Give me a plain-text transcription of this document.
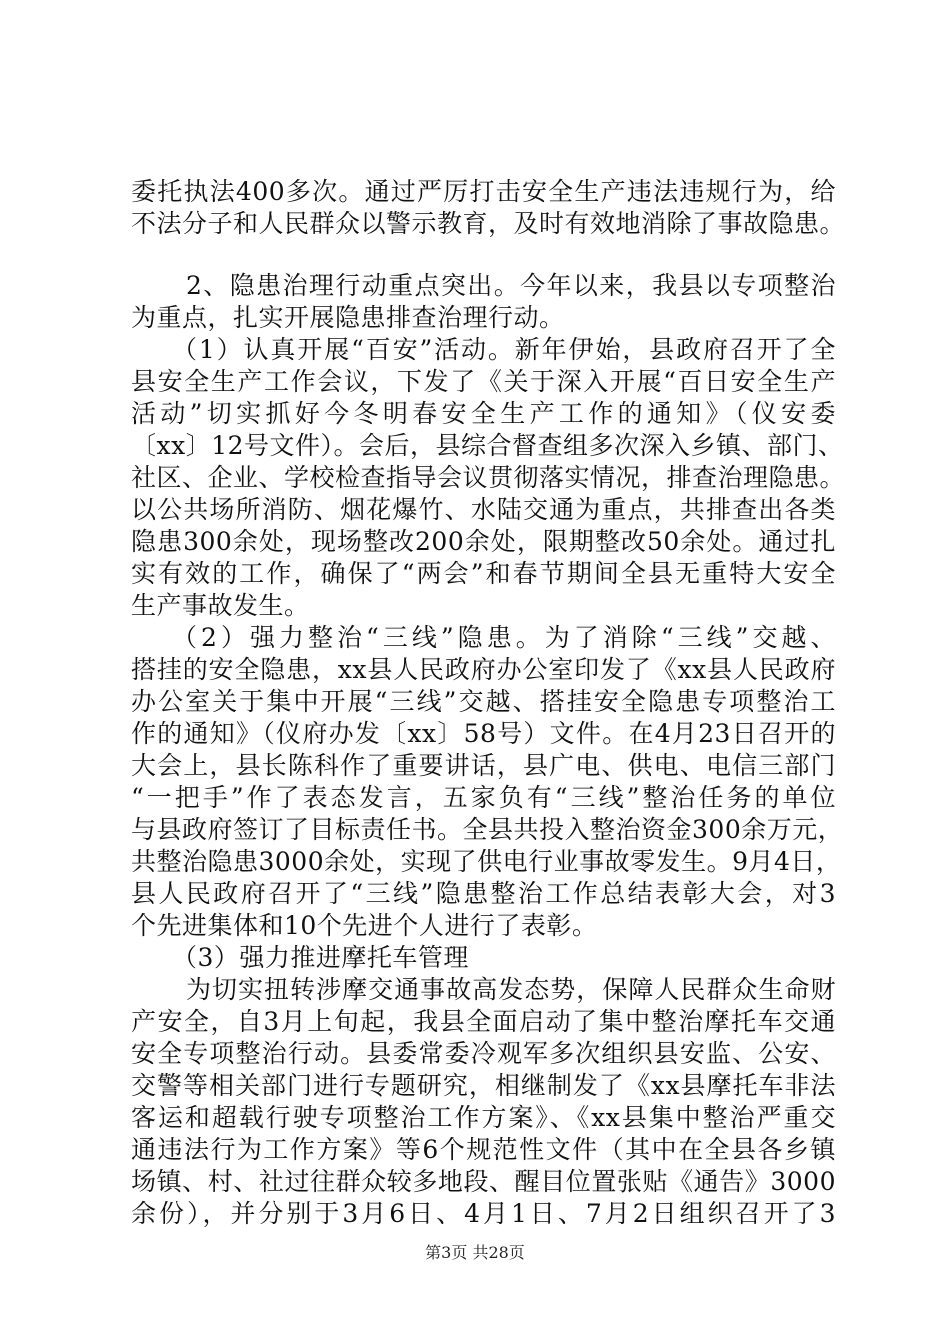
委托执法400多次。通过严厉打击安全生产违法违规行为，给
不法分子和人民群众以警示教育，及时有效地消除了事故隐患。
2、隐患治理行动重点突出。今年以来，我县以专项整治
为重点，扎实开展隐患排查治理行动。
（1）认真开展“百安”活动。新年伊始，县政府召开了全
县安全生产工作会议，下发了《关于深入开展“百日安全生产
活动”切实抓好今冬明春安全生产工作的通知》（仪安委
〔xx〕12号文件）。会后，县综合督查组多次深入乡镇、部门、
社区、企业、学校检查指导会议贯彻落实情况，排查治理隐患。
以公共场所消防、烟花爆竹、水陆交通为重点，共排查出各类
隐患300余处，现场整改200余处，限期整改50余处。通过扎
实有效的工作，确保了“两会”和春节期间全县无重特大安全
生产事故发生。
（2）强力整治“三线”隐患。为了消除“三线”交越、
搭挂的安全隐患，xx县人民政府办公室印发了《xx县人民政府
办公室关于集中开展“三线”交越、搭挂安全隐患专项整治工
作的通知》（仪府办发〔xx〕58号）文件。在4月23日召开的
大会上，县长陈科作了重要讲话，县广电、供电、电信三部门
“一把手”作了表态发言，五家负有“三线”整治任务的单位
与县政府签订了目标责任书。全县共投入整治资金300余万元，
共整治隐患3000余处，实现了供电行业事故零发生。9月4日，
县人民政府召开了“三线”隐患整治工作总结表彰大会，对3
个先进集体和10个先进个人进行了表彰。
（3）强力推进摩托车管理
为切实扭转涉摩交通事故高发态势，保障人民群众生命财
产安全，自3月上旬起，我县全面启动了集中整治摩托车交通
安全专项整治行动。县委常委冷观军多次组织县安监、公安、
交警等相关部门进行专题研究，相继制发了《xx县摩托车非法
客运和超载行驶专项整治工作方案》、《xx县集中整治严重交
通违法行为工作方案》等6个规范性文件（其中在全县各乡镇
场镇、村、社过往群众较多地段、醒目位置张贴《通告》3000
余份），并分别于3月6日、4月1日、7月2日组织召开了3
第3页 共28页
